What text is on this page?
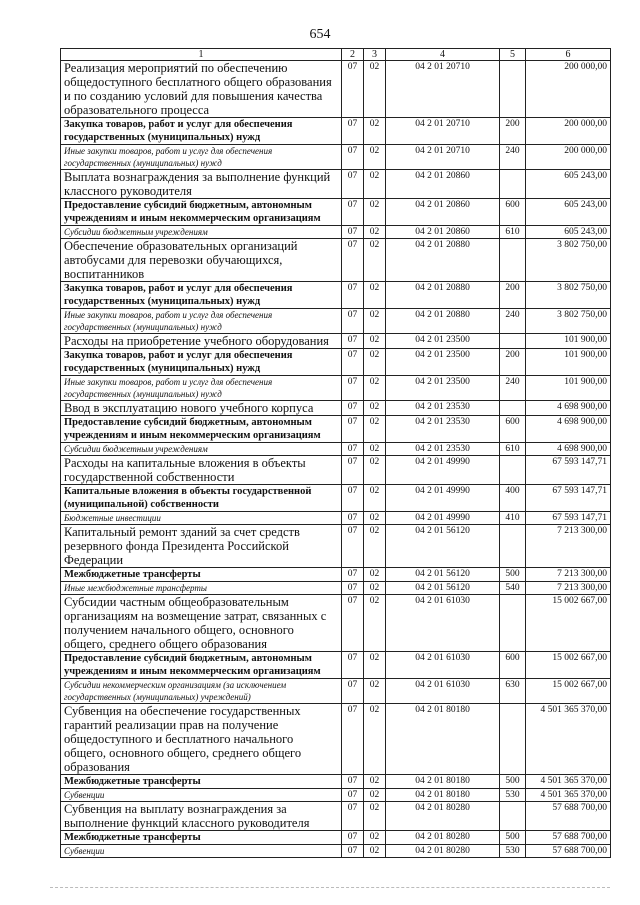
654
1	2	3	4	5	6
Реализация мероприятий по обеспечению общедоступного бесплатного общего образования и по созданию условий для повышения качества образовательного процесса	07	02	04 2 01 20710		200 000,00
Закупка товаров, работ и услуг для обеспечения государственных (муниципальных) нужд	07	02	04 2 01 20710	200	200 000,00
Иные закупки товаров, работ и услуг для обеспечения государственных (муниципальных) нужд	07	02	04 2 01 20710	240	200 000,00
Выплата вознаграждения за выполнение функций классного руководителя	07	02	04 2 01 20860		605 243,00
Предоставление субсидий бюджетным, автономным учреждениям и иным некоммерческим организациям	07	02	04 2 01 20860	600	605 243,00
Субсидии бюджетным учреждениям	07	02	04 2 01 20860	610	605 243,00
Обеспечение образовательных организаций автобусами для перевозки обучающихся, воспитанников	07	02	04 2 01 20880		3 802 750,00
Закупка товаров, работ и услуг для обеспечения государственных (муниципальных) нужд	07	02	04 2 01 20880	200	3 802 750,00
Иные закупки товаров, работ и услуг для обеспечения государственных (муниципальных) нужд	07	02	04 2 01 20880	240	3 802 750,00
Расходы на приобретение учебного оборудования	07	02	04 2 01 23500		101 900,00
Закупка товаров, работ и услуг для обеспечения государственных (муниципальных) нужд	07	02	04 2 01 23500	200	101 900,00
Иные закупки товаров, работ и услуг для обеспечения государственных (муниципальных) нужд	07	02	04 2 01 23500	240	101 900,00
Ввод в эксплуатацию нового учебного корпуса	07	02	04 2 01 23530		4 698 900,00
Предоставление субсидий бюджетным, автономным учреждениям и иным некоммерческим организациям	07	02	04 2 01 23530	600	4 698 900,00
Субсидии бюджетным учреждениям	07	02	04 2 01 23530	610	4 698 900,00
Расходы на капитальные вложения в объекты государственной собственности	07	02	04 2 01 49990		67 593 147,71
Капитальные вложения в объекты государственной (муниципальной) собственности	07	02	04 2 01 49990	400	67 593 147,71
Бюджетные инвестиции	07	02	04 2 01 49990	410	67 593 147,71
Капитальный ремонт зданий за счет средств резервного фонда Президента Российской Федерации	07	02	04 2 01 56120		7 213 300,00
Межбюджетные трансферты	07	02	04 2 01 56120	500	7 213 300,00
Иные межбюджетные трансферты	07	02	04 2 01 56120	540	7 213 300,00
Субсидии частным общеобразовательным организациям на возмещение затрат, связанных с получением начального общего, основного общего, среднего общего образования	07	02	04 2 01 61030		15 002 667,00
Предоставление субсидий бюджетным, автономным учреждениям и иным некоммерческим организациям	07	02	04 2 01 61030	600	15 002 667,00
Субсидии некоммерческим организациям (за исключением государственных (муниципальных) учреждений)	07	02	04 2 01 61030	630	15 002 667,00
Субвенция на обеспечение государственных гарантий реализации прав на получение общедоступного и бесплатного начального общего, основного общего, среднего общего образования	07	02	04 2 01 80180		4 501 365 370,00
Межбюджетные трансферты	07	02	04 2 01 80180	500	4 501 365 370,00
Субвенции	07	02	04 2 01 80180	530	4 501 365 370,00
Субвенция на выплату вознаграждения за выполнение функций классного руководителя	07	02	04 2 01 80280		57 688 700,00
Межбюджетные трансферты	07	02	04 2 01 80280	500	57 688 700,00
Субвенции	07	02	04 2 01 80280	530	57 688 700,00
